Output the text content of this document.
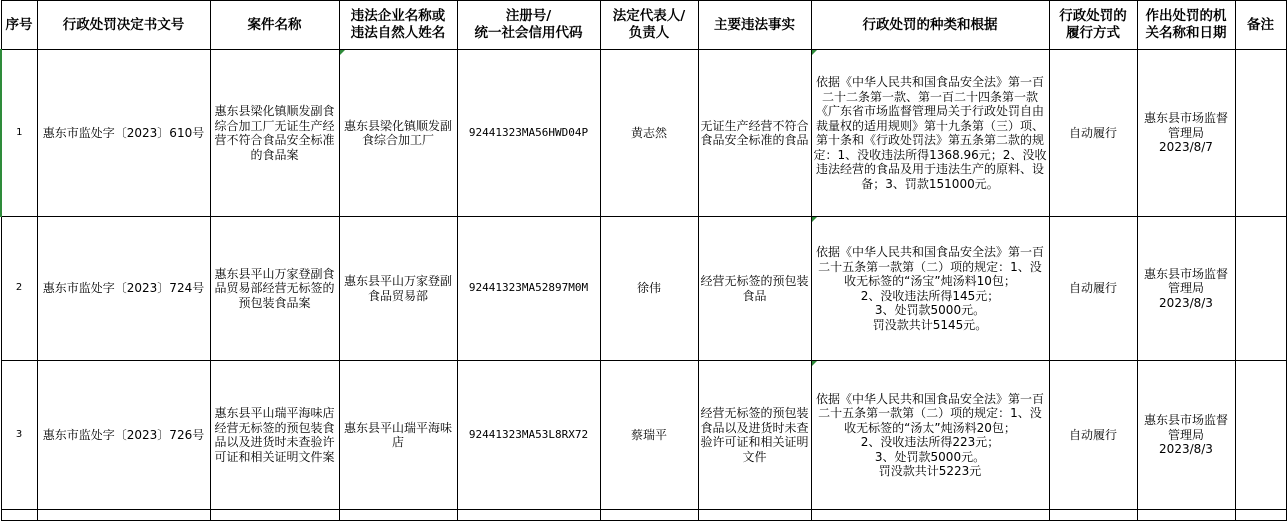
序号	行政处罚决定书文号	案件名称	违法企业名称或
违法自然人姓名	注册号/
统一社会信用代码	法定代表人/
负责人	主要违法事实	行政处罚的种类和根据	行政处罚的
履行方式	作出处罚的机
关名称和日期	备注
1	惠东市监处字〔2023〕610号	惠东县梁化镇顺发副食综合加工厂无证生产经营不符合食品安全标准的食品案	惠东县梁化镇顺发副食综合加工厂	92441323MA56HWD04P	黄志然	无证生产经营不符合食品安全标准的食品	依据《中华人民共和国食品安全法》第一百二十二条第一款、第一百二十四条第一款《广东省市场监督管理局关于行政处罚自由裁量权的适用规则》第十九条第（三）项、第十条和《行政处罚法》第五条第二款的规定：1、没收违法所得1368.96元；2、没收违法经营的食品及用于违法生产的原料、设备；3、罚款151000元。	自动履行	惠东县市场监督管理局
2023/8/7	
2	惠东市监处字〔2023〕724号	惠东县平山万家登副食品贸易部经营无标签的预包装食品案	惠东县平山万家登副食品贸易部	92441323MA52897M0M	徐伟	经营无标签的预包装食品	依据《中华人民共和国食品安全法》第一百二十五条第一款第（二）项的规定：1、没收无标签的“汤宝”炖汤料10包；
2、没收违法所得145元；
3、处罚款5000元。
罚没款共计5145元。	自动履行	惠东县市场监督管理局
2023/8/3	
3	惠东市监处字〔2023〕726号	惠东县平山瑞平海味店经营无标签的预包装食品以及进货时未查验许可证和相关证明文件案	惠东县平山瑞平海味店	92441323MA53L8RX72	蔡瑞平	经营无标签的预包装食品以及进货时未查验许可证和相关证明文件	依据《中华人民共和国食品安全法》第一百二十五条第一款第（二）项的规定：1、没收无标签的“汤太”炖汤料20包；
2、没收违法所得223元；
3、处罚款5000元。
罚没款共计5223元	自动履行	惠东县市场监督管理局
2023/8/3	
